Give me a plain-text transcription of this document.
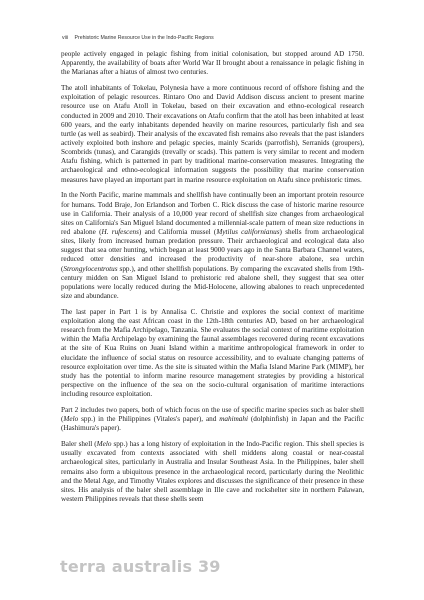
viii Prehistoric Marine Resource Use in the Indo-Pacific Regions

people actively engaged in pelagic fishing from initial colonisation, but stopped around AD 1750. Apparently, the availability of boats after World War II brought about a renaissance in pelagic fishing in the Marianas after a hiatus of almost two centuries.

The atoll inhabitants of Tokelau, Polynesia have a more continuous record of offshore fishing and the exploitation of pelagic resources. Rintaro Ono and David Addison discuss ancient to present marine resource use on Atafu Atoll in Tokelau, based on their excavation and ethno-ecological research conducted in 2009 and 2010. Their excavations on Atafu confirm that the atoll has been inhabited at least 600 years, and the early inhabitants depended heavily on marine resources, particularly fish and sea turtle (as well as seabird). Their analysis of the excavated fish remains also reveals that the past islanders actively exploited both inshore and pelagic species, mainly Scarids (parrotfish), Serranids (groupers), Scombrids (tunas), and Carangids (trevally or scads). This pattern is very similar to recent and modern Atafu fishing, which is patterned in part by traditional marine-conservation measures. Integrating the archaeological and ethno-ecological information suggests the possibility that marine conservation measures have played an important part in marine resource exploitation on Atafu since prehistoric times.

In the North Pacific, marine mammals and shellfish have continually been an important protein resource for humans. Todd Braje, Jon Erlandson and Torben C. Rick discuss the case of historic marine resource use in California. Their analysis of a 10,000 year record of shellfish size changes from archaeological sites on California's San Miguel Island documented a millennial-scale pattern of mean size reductions in red abalone (H. rufescens) and California mussel (Mytilus californianus) shells from archaeological sites, likely from increased human predation pressure. Their archaeological and ecological data also suggest that sea otter hunting, which began at least 9000 years ago in the Santa Barbara Channel waters, reduced otter densities and increased the productivity of near-shore abalone, sea urchin (Strongylocentrotus spp.), and other shellfish populations. By comparing the excavated shells from 19th-century midden on San Miguel Island to prehistoric red abalone shell, they suggest that sea otter populations were locally reduced during the Mid-Holocene, allowing abalones to reach unprecedented size and abundance.

The last paper in Part 1 is by Annalisa C. Christie and explores the social context of maritime exploitation along the east African coast in the 12th-18th centuries AD, based on her archaeological research from the Mafia Archipelago, Tanzania. She evaluates the social context of maritime exploitation within the Mafia Archipelago by examining the faunal assemblages recovered during recent excavations at the site of Kua Ruins on Juani Island within a maritime anthropological framework in order to elucidate the influence of social status on resource accessibility, and to evaluate changing patterns of resource exploitation over time. As the site is situated within the Mafia Island Marine Park (MIMP), her study has the potential to inform marine resource management strategies by providing a historical perspective on the influence of the sea on the socio-cultural organisation of maritime interactions including resource exploitation.

Part 2 includes two papers, both of which focus on the use of specific marine species such as baler shell (Melo spp.) in the Philippines (Vitales's paper), and mahimahi (dolphinfish) in Japan and the Pacific (Hashimura's paper).

Baler shell (Melo spp.) has a long history of exploitation in the Indo-Pacific region. This shell species is usually excavated from contexts associated with shell middens along coastal or near-coastal archaeological sites, particularly in Australia and Insular Southeast Asia. In the Philippines, baler shell remains also form a ubiquitous presence in the archaeological record, particularly during the Neolithic and the Metal Age, and Timothy Vitales explores and discusses the significance of their presence in these sites. His analysis of the baler shell assemblage in Ille cave and rockshelter site in northern Palawan, western Philippines reveals that these shells seem

terra australis 39
